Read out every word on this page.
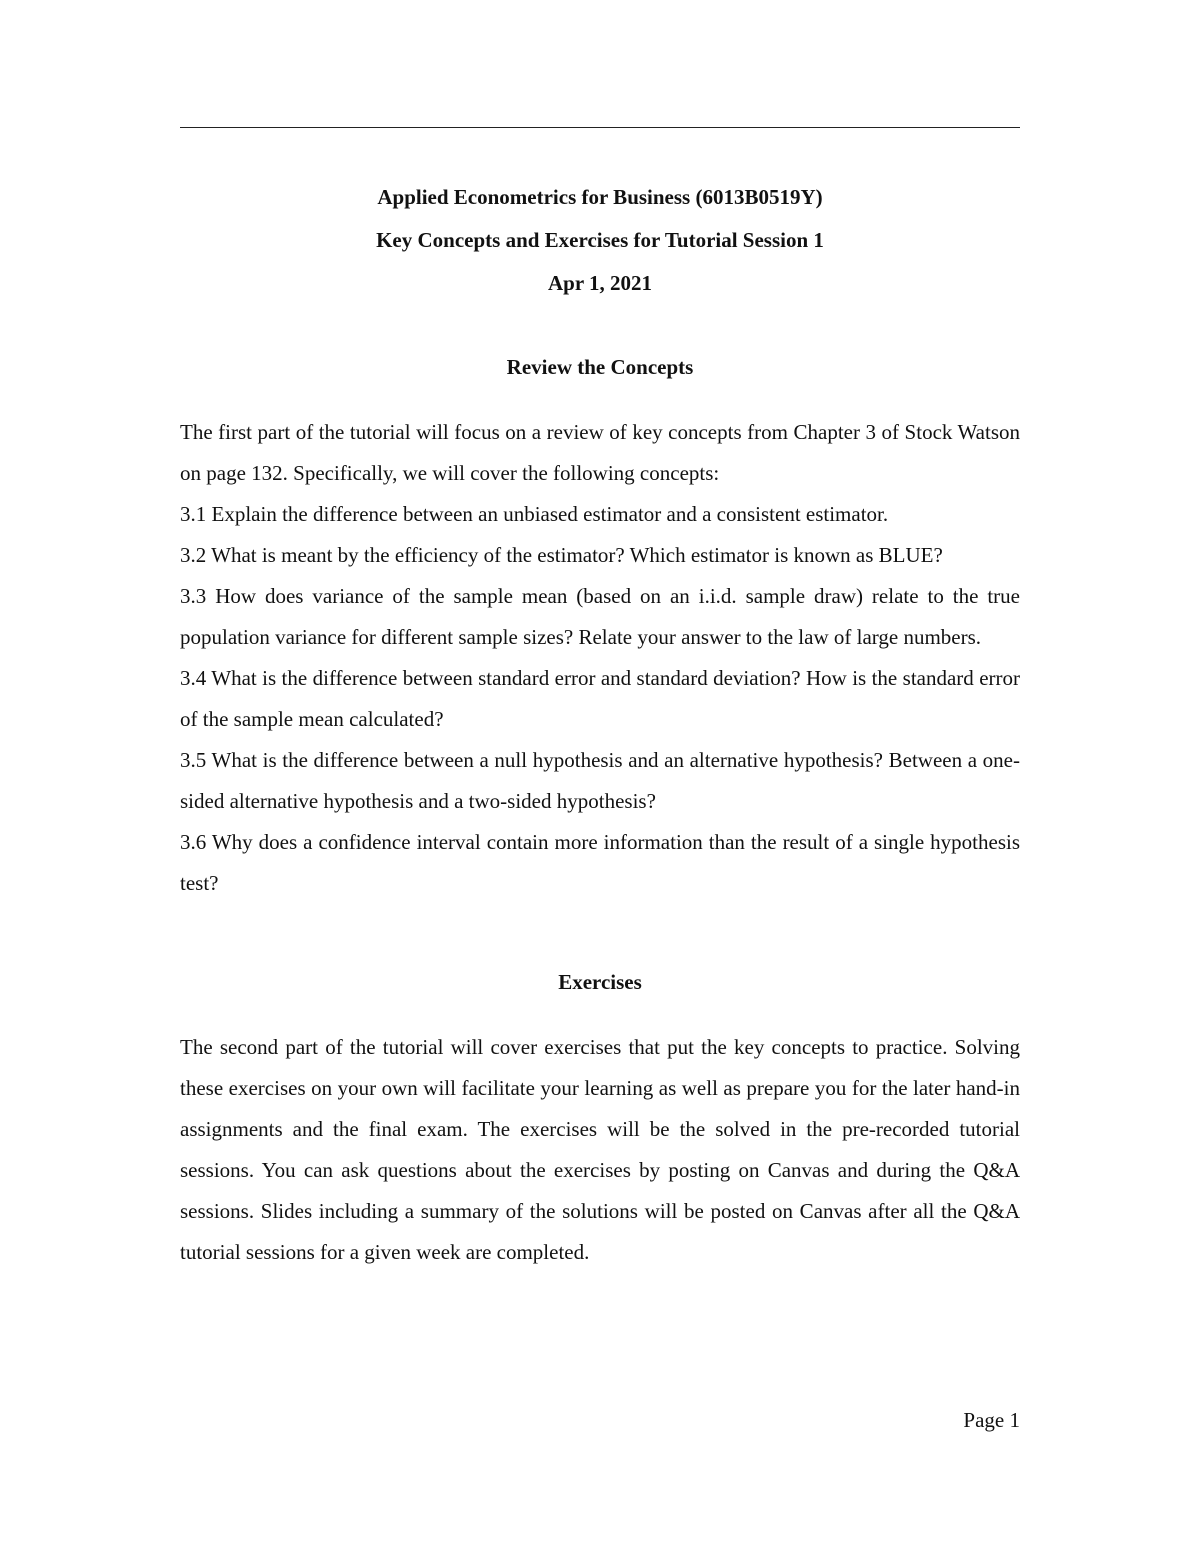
Applied Econometrics for Business (6013B0519Y)
Key Concepts and Exercises for Tutorial Session 1
Apr 1, 2021
Review the Concepts

The first part of the tutorial will focus on a review of key concepts from Chapter 3 of Stock Watson on page 132. Specifically, we will cover the following concepts:

3.1 Explain the difference between an unbiased estimator and a consistent estimator.

3.2 What is meant by the efficiency of the estimator? Which estimator is known as BLUE?

3.3 How does variance of the sample mean (based on an i.i.d. sample draw) relate to the true population variance for different sample sizes? Relate your answer to the law of large numbers.

3.4 What is the difference between standard error and standard deviation? How is the standard error of the sample mean calculated?

3.5 What is the difference between a null hypothesis and an alternative hypothesis? Between a one-sided alternative hypothesis and a two-sided hypothesis?

3.6 Why does a confidence interval contain more information than the result of a single hypothesis test?

Exercises

The second part of the tutorial will cover exercises that put the key concepts to practice. Solving these exercises on your own will facilitate your learning as well as prepare you for the later hand-in assignments and the final exam. The exercises will be the solved in the pre-recorded tutorial sessions. You can ask questions about the exercises by posting on Canvas and during the Q&A sessions. Slides including a summary of the solutions will be posted on Canvas after all the Q&A tutorial sessions for a given week are completed.

Page 1
